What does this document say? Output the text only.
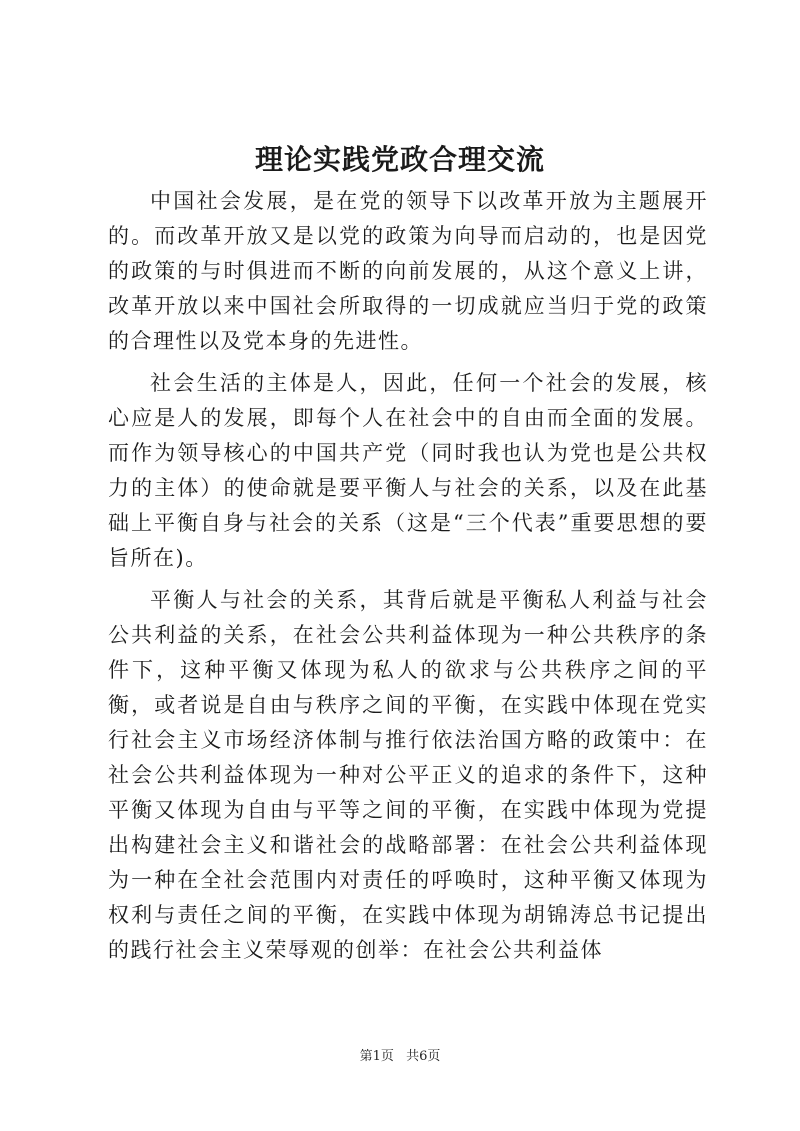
理论实践党政合理交流

中国社会发展，是在党的领导下以改革开放为主题展开的。而改革开放又是以党的政策为向导而启动的，也是因党的政策的与时俱进而不断的向前发展的，从这个意义上讲，改革开放以来中国社会所取得的一切成就应当归于党的政策的合理性以及党本身的先进性。

社会生活的主体是人，因此，任何一个社会的发展，核心应是人的发展，即每个人在社会中的自由而全面的发展。而作为领导核心的中国共产党（同时我也认为党也是公共权力的主体）的使命就是要平衡人与社会的关系，以及在此基础上平衡自身与社会的关系（这是“三个代表”重要思想的要旨所在)。

平衡人与社会的关系，其背后就是平衡私人利益与社会公共利益的关系，在社会公共利益体现为一种公共秩序的条件下，这种平衡又体现为私人的欲求与公共秩序之间的平衡，或者说是自由与秩序之间的平衡，在实践中体现在党实行社会主义市场经济体制与推行依法治国方略的政策中：在社会公共利益体现为一种对公平正义的追求的条件下，这种平衡又体现为自由与平等之间的平衡，在实践中体现为党提出构建社会主义和谐社会的战略部署：在社会公共利益体现为一种在全社会范围内对责任的呼唤时，这种平衡又体现为权利与责任之间的平衡，在实践中体现为胡锦涛总书记提出的践行社会主义荣辱观的创举：在社会公共利益体

第1页 共6页
